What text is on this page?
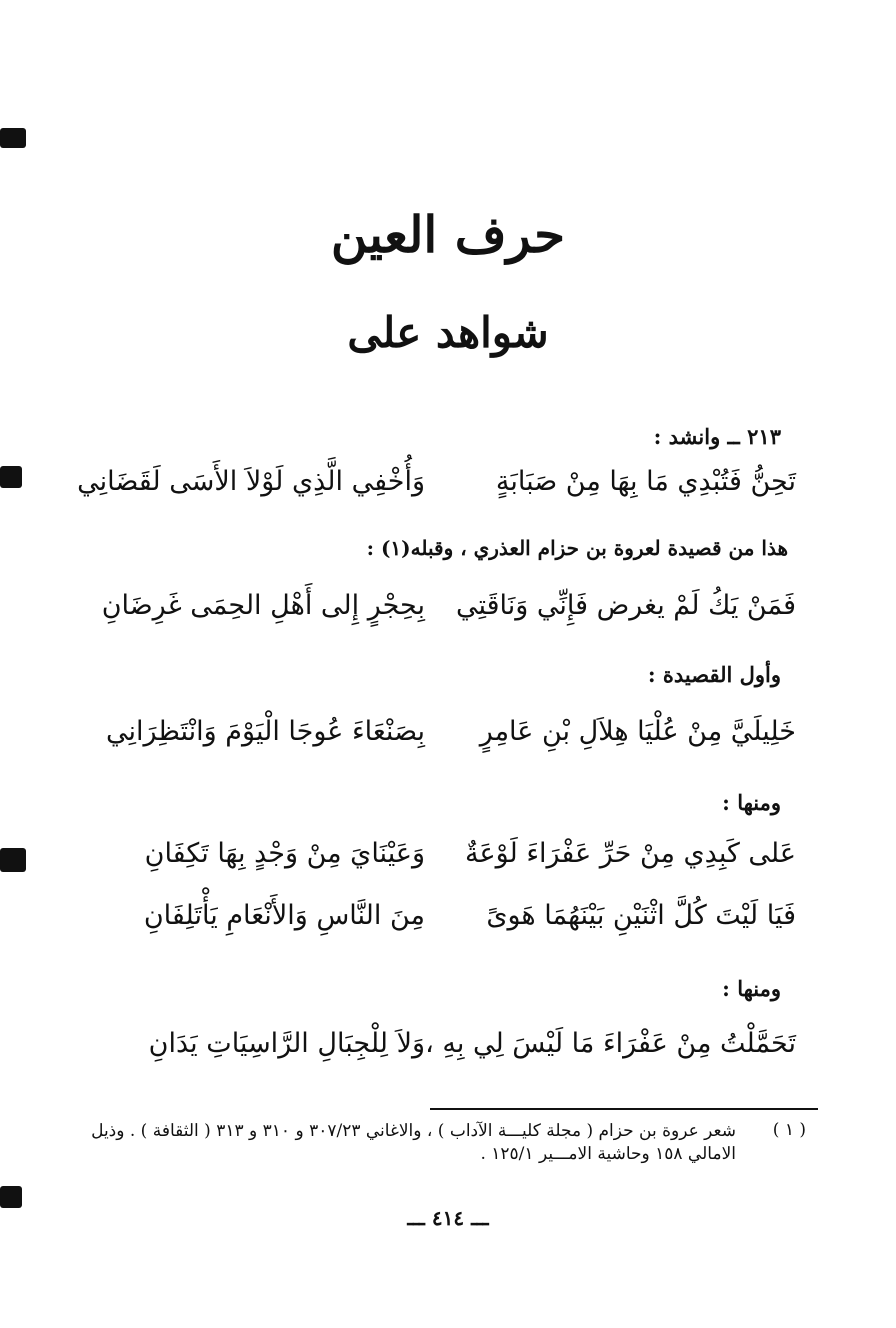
حرف العين
شواهد على
٢١٣ ــ وانشد :
تَحِنُّ فَتُبْدِي مَا بِهَا مِنْ صَبَابَةٍ
وَأُخْفِي الَّذِي لَوْلاَ الأَسَى لَقَضَانِي
هذا من قصيدة لعروة بن حزام العذري ، وقبله(١) :
فَمَنْ يَكُ لَمْ يغرض فَإِنِّي وَنَاقَتِي
بِحِجْرٍ إِلى أَهْلِ الحِمَى غَرِضَانِ
وأول القصيدة :
خَلِيلَيَّ مِنْ عُلْيَا هِلاَلِ بْنِ عَامِرٍ
بِصَنْعَاءَ عُوجَا الْيَوْمَ وَانْتَظِرَانِي
ومنها :
عَلى كَبِدِي مِنْ حَرِّ عَفْرَاءَ لَوْعَةٌ
وَعَيْنَايَ مِنْ وَجْدٍ بِهَا تَكِفَانِ
فَيَا لَيْتَ كُلَّ اثْنَيْنِ بَيْنَهُمَا هَوىً
مِنَ النَّاسِ وَالأَنْعَامِ يَأْتَلِفَانِ
ومنها :
تَحَمَّلْتُ مِنْ عَفْرَاءَ مَا لَيْسَ لِي بِهِ ،
وَلاَ لِلْجِبَالِ الرَّاسِيَاتِ يَدَانِ
( ١ )
شعر عروة بن حزام ( مجلة كليـــة الآداب ) ، والاغاني ٣٠٧/٢٣ و ٣١٠ و ٣١٣ ( الثقافة ) . وذيل الامالي ١٥٨ وحاشية الامـــير ١٢٥/١ .
ـــ ٤١٤ ـــ
